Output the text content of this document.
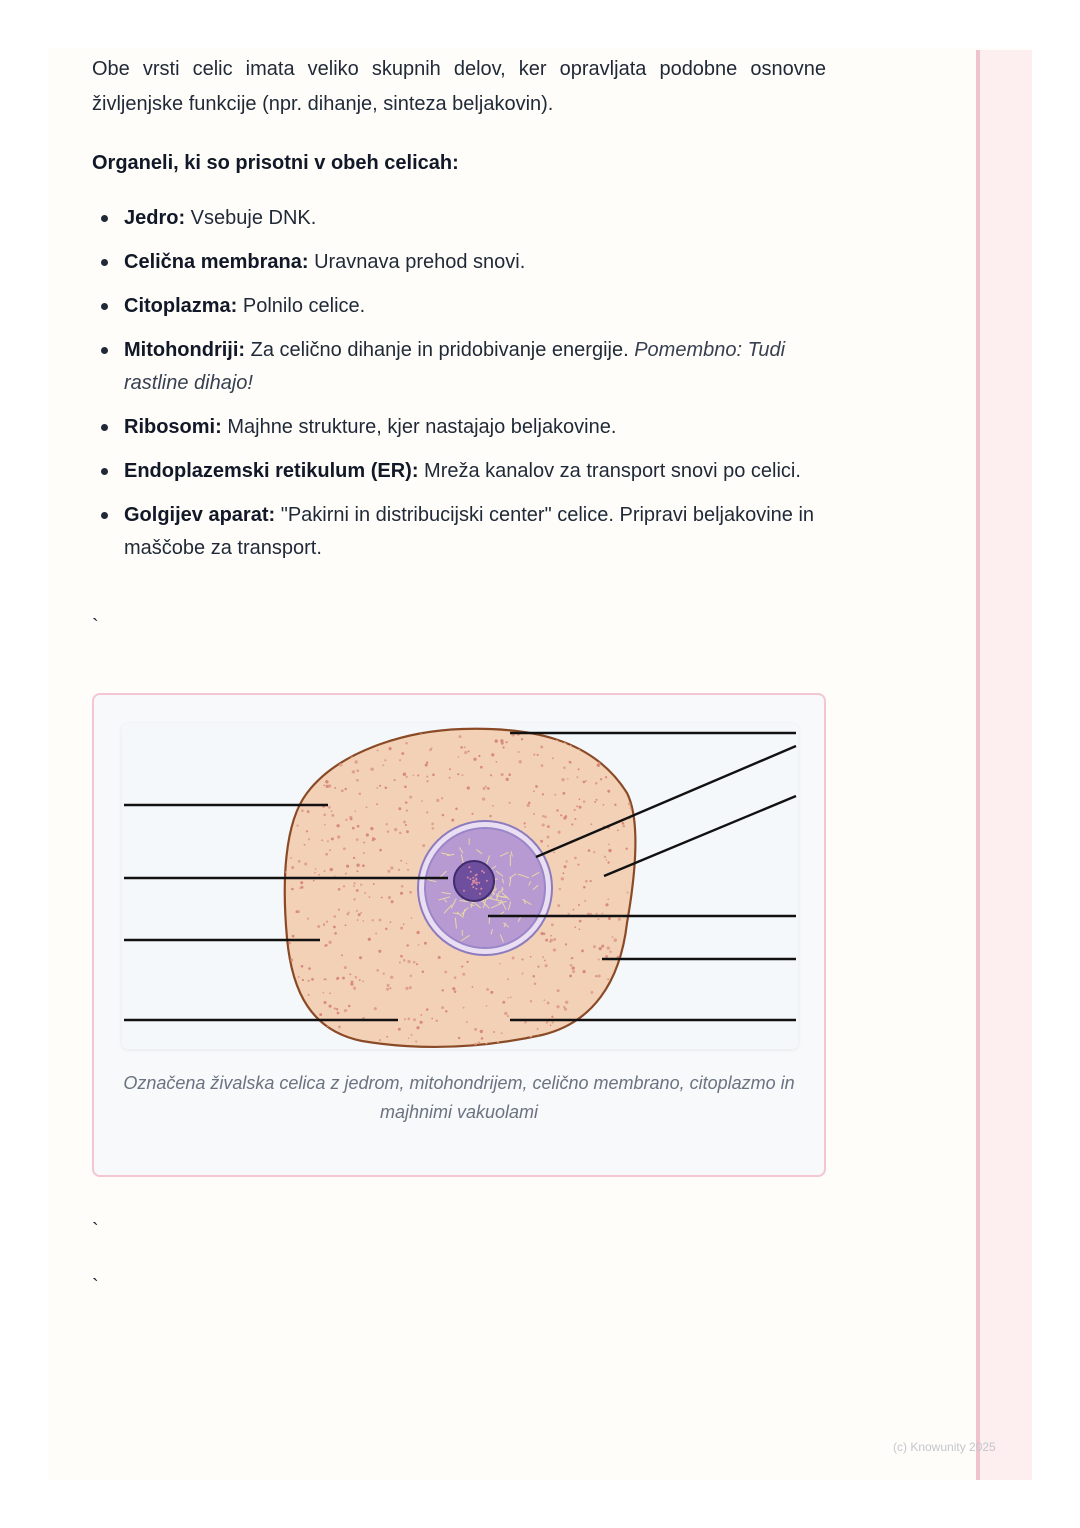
Obe vrsti celic imata veliko skupnih delov, ker opravljata podobne osnovne življenjske funkcije (npr. dihanje, sinteza beljakovin).

Organeli, ki so prisotni v obeh celicah:

Jedro: Vsebuje DNK.
Celična membrana: Uravnava prehod snovi.
Citoplazma: Polnilo celice.
Mitohondriji: Za celično dihanje in pridobivanje energije. Pomembno: Tudi rastline dihajo!
Ribosomi: Majhne strukture, kjer nastajajo beljakovine.
Endoplazemski retikulum (ER): Mreža kanalov za transport snovi po celici.
Golgijev aparat: "Pakirni in distribucijski center" celice. Pripravi beljakovine in maščobe za transport.
`
Označena živalska celica z jedrom, mitohondrijem, celično membrano, citoplazmo in majhnimi vakuolami
`
`
(c) Knowunity 2025
